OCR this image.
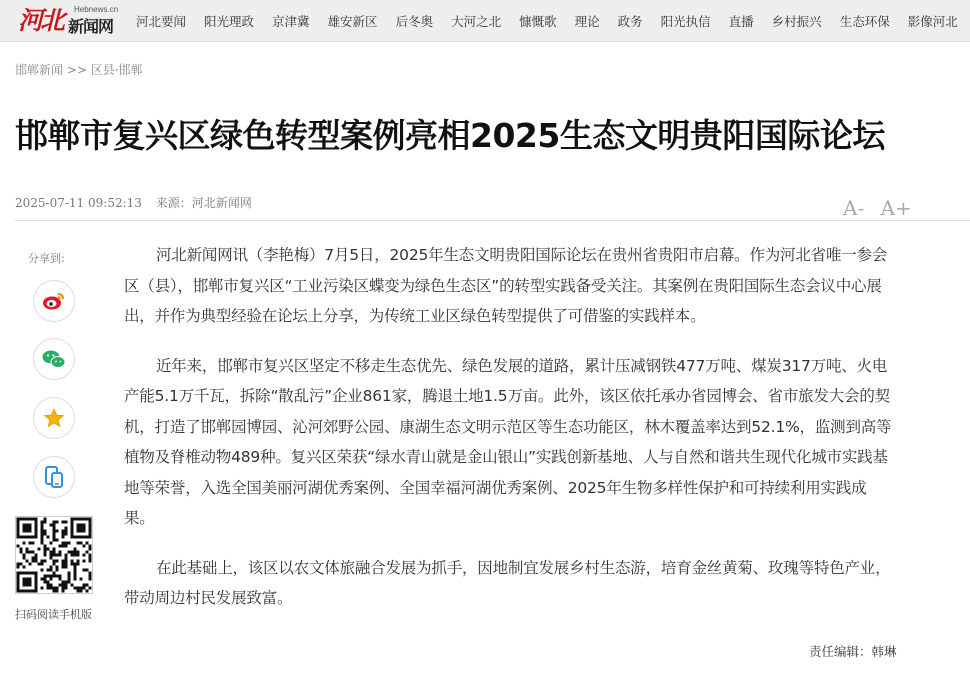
河北 Hebnews.cn
新闻网 河北要闻 阳光理政 京津冀 雄安新区 后冬奥 大河之北 慷慨歌 理论 政务 阳光执信 直播 乡村振兴 生态环保 影像河北
邯郸新闻 >> 区县·邯郸
邯郸市复兴区绿色转型案例亮相2025生态文明贵阳国际论坛
2025-07-11 09:52:13 来源：河北新闻网	A- A+
分享到:
扫码阅读手机版

河北新闻网讯（李艳梅）7月5日，2025年生态文明贵阳国际论坛在贵州省贵阳市启幕。作为河北省唯一参会区（县），邯郸市复兴区“工业污染区蝶变为绿色生态区”的转型实践备受关注。其案例在贵阳国际生态会议中心展出，并作为典型经验在论坛上分享，为传统工业区绿色转型提供了可借鉴的实践样本。

近年来，邯郸市复兴区坚定不移走生态优先、绿色发展的道路，累计压减钢铁477万吨、煤炭317万吨、火电产能5.1万千瓦，拆除“散乱污”企业861家，腾退土地1.5万亩。此外，该区依托承办省园博会、省市旅发大会的契机，打造了邯郸园博园、沁河郊野公园、康湖生态文明示范区等生态功能区，林木覆盖率达到52.1%，监测到高等植物及脊椎动物489种。复兴区荣获“绿水青山就是金山银山”实践创新基地、人与自然和谐共生现代化城市实践基地等荣誉，入选全国美丽河湖优秀案例、全国幸福河湖优秀案例、2025年生物多样性保护和可持续利用实践成果。

在此基础上，该区以农文体旅融合发展为抓手，因地制宜发展乡村生态游，培育金丝黄菊、玫瑰等特色产业，带动周边村民发展致富。

责任编辑：韩琳
